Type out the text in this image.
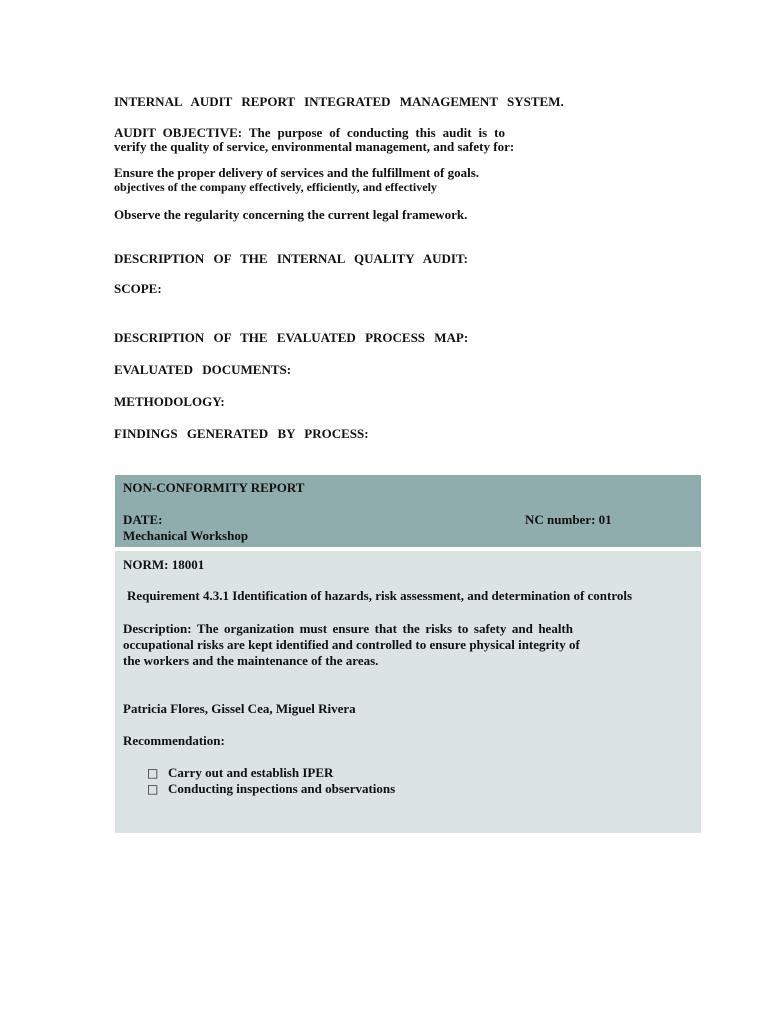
INTERNAL AUDIT REPORT INTEGRATED MANAGEMENT SYSTEM.
AUDIT OBJECTIVE: The purpose of conducting this audit is to
verify the quality of service, environmental management, and safety for:
Ensure the proper delivery of services and the fulfillment of goals.
objectives of the company effectively, efficiently, and effectively
Observe the regularity concerning the current legal framework.
DESCRIPTION OF THE INTERNAL QUALITY AUDIT:
SCOPE:
DESCRIPTION OF THE EVALUATED PROCESS MAP:
EVALUATED DOCUMENTS:
METHODOLOGY:
FINDINGS GENERATED BY PROCESS:
NON-CONFORMITY REPORT
DATE:	NC number: 01
Mechanical Workshop
NORM: 18001
Requirement 4.3.1 Identification of hazards, risk assessment, and determination of controls
Description: The organization must ensure that the risks to safety and health
occupational risks are kept identified and controlled to ensure physical integrity of
the workers and the maintenance of the areas.
Patricia Flores, Gissel Cea, Miguel Rivera
Recommendation:
□ Carry out and establish IPER
□ Conducting inspections and observations
